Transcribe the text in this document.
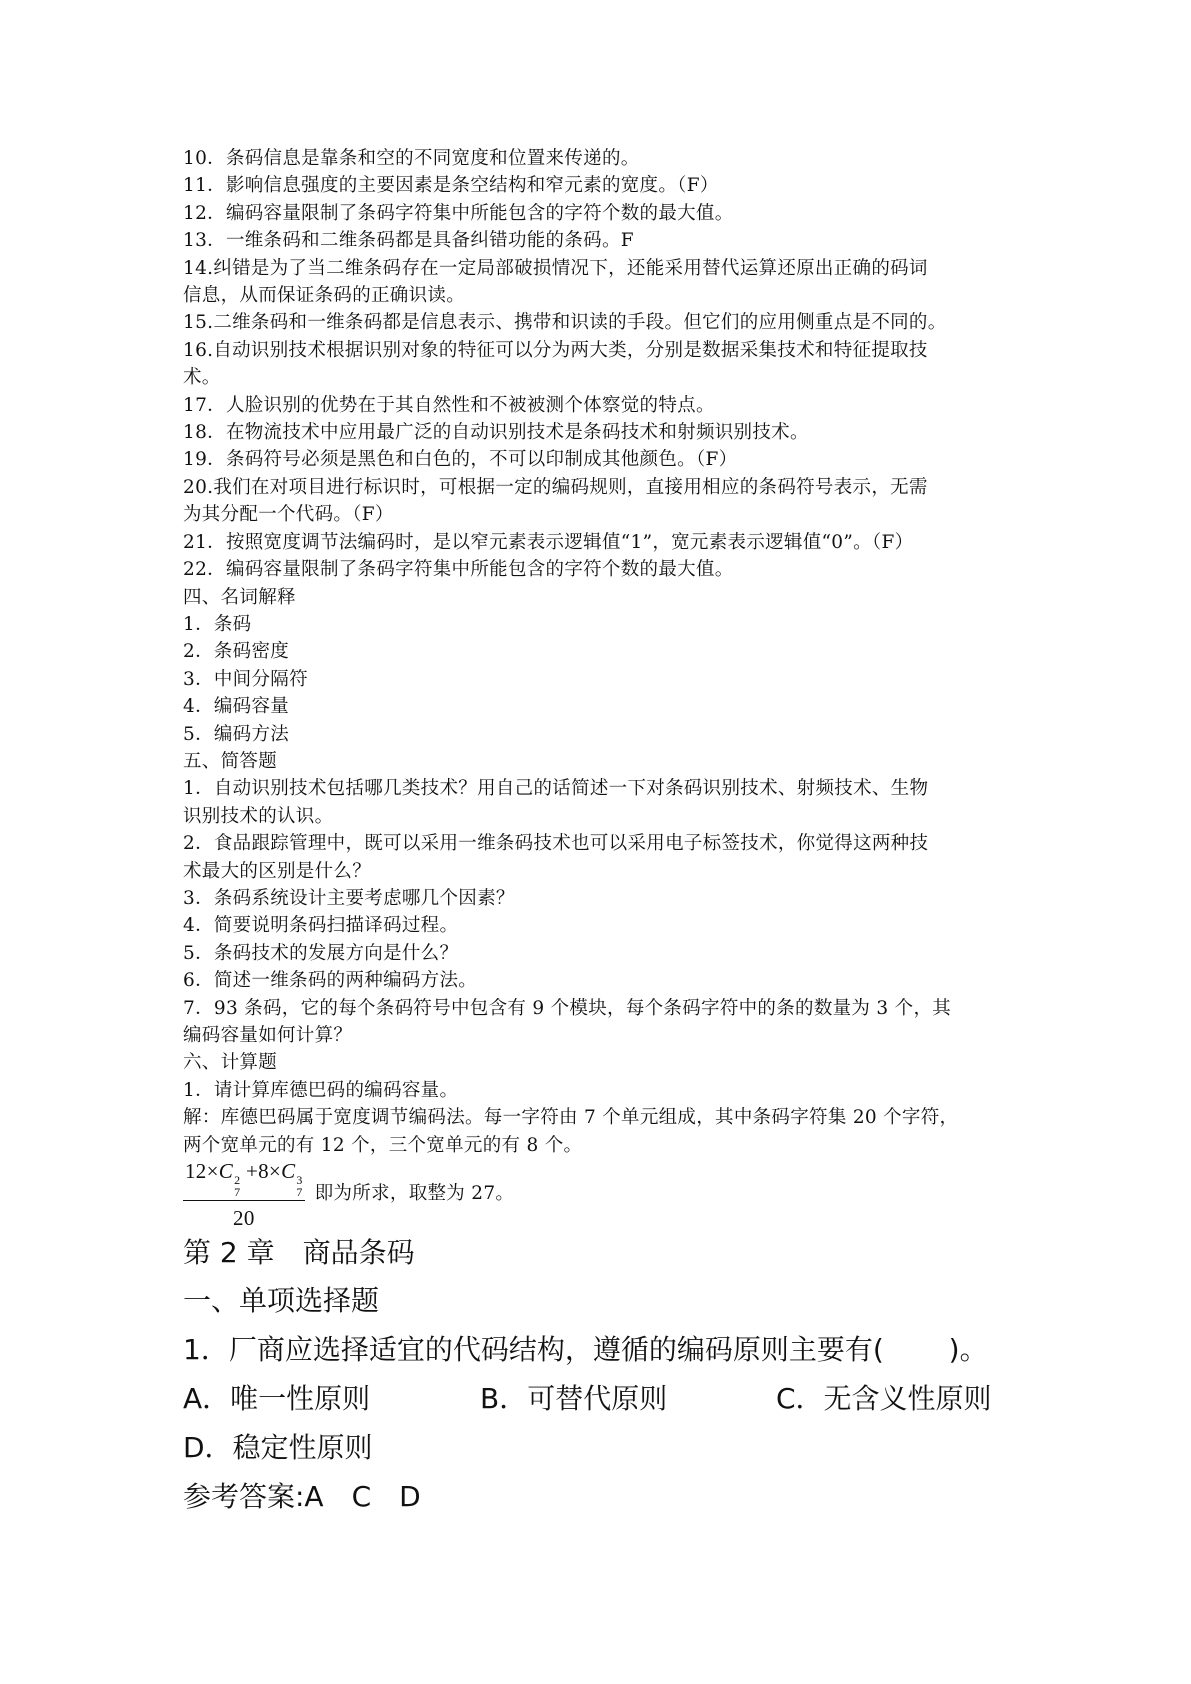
10．条码信息是靠条和空的不同宽度和位置来传递的。
11．影响信息强度的主要因素是条空结构和窄元素的宽度。（F）
12．编码容量限制了条码字符集中所能包含的字符个数的最大值。
13．一维条码和二维条码都是具备纠错功能的条码。F
14.纠错是为了当二维条码存在一定局部破损情况下，还能采用替代运算还原出正确的码词
信息，从而保证条码的正确识读。
15.二维条码和一维条码都是信息表示、携带和识读的手段。但它们的应用侧重点是不同的。
16.自动识别技术根据识别对象的特征可以分为两大类，分别是数据采集技术和特征提取技
术。
17．人脸识别的优势在于其自然性和不被被测个体察觉的特点。
18．在物流技术中应用最广泛的自动识别技术是条码技术和射频识别技术。
19．条码符号必须是黑色和白色的，不可以印制成其他颜色。（F）
20.我们在对项目进行标识时，可根据一定的编码规则，直接用相应的条码符号表示，无需
为其分配一个代码。（F）
21．按照宽度调节法编码时，是以窄元素表示逻辑值“1”，宽元素表示逻辑值“0”。（F）
22．编码容量限制了条码字符集中所能包含的字符个数的最大值。
四、名词解释
1．条码
2．条码密度
3．中间分隔符
4．编码容量
5．编码方法
五、简答题
1．自动识别技术包括哪几类技术？用自己的话简述一下对条码识别技术、射频技术、生物
识别技术的认识。
2．食品跟踪管理中，既可以采用一维条码技术也可以采用电子标签技术，你觉得这两种技
术最大的区别是什么？
3．条码系统设计主要考虑哪几个因素？
4．简要说明条码扫描译码过程。
5．条码技术的发展方向是什么？
6．简述一维条码的两种编码方法。
7．93 条码，它的每个条码符号中包含有 9 个模块，每个条码字符中的条的数量为 3 个，其
编码容量如何计算？
六、计算题
1．请计算库德巴码的编码容量。
解：库德巴码属于宽度调节编码法。每一字符由 7 个单元组成，其中条码字符集 20 个字符，
两个宽单元的有 12 个，三个宽单元的有 8 个。
12×C 2
7
+8×C 3
7
20 即为所求，取整为 27。
第 2 章　商品条码
一、单项选择题
1．厂商应选择适宜的代码结构，遵循的编码原则主要有(　　 )。
A．唯一性原则	B．可替代原则	C．无含义性原则
D．稳定性原则
参考答案:A　C　D
